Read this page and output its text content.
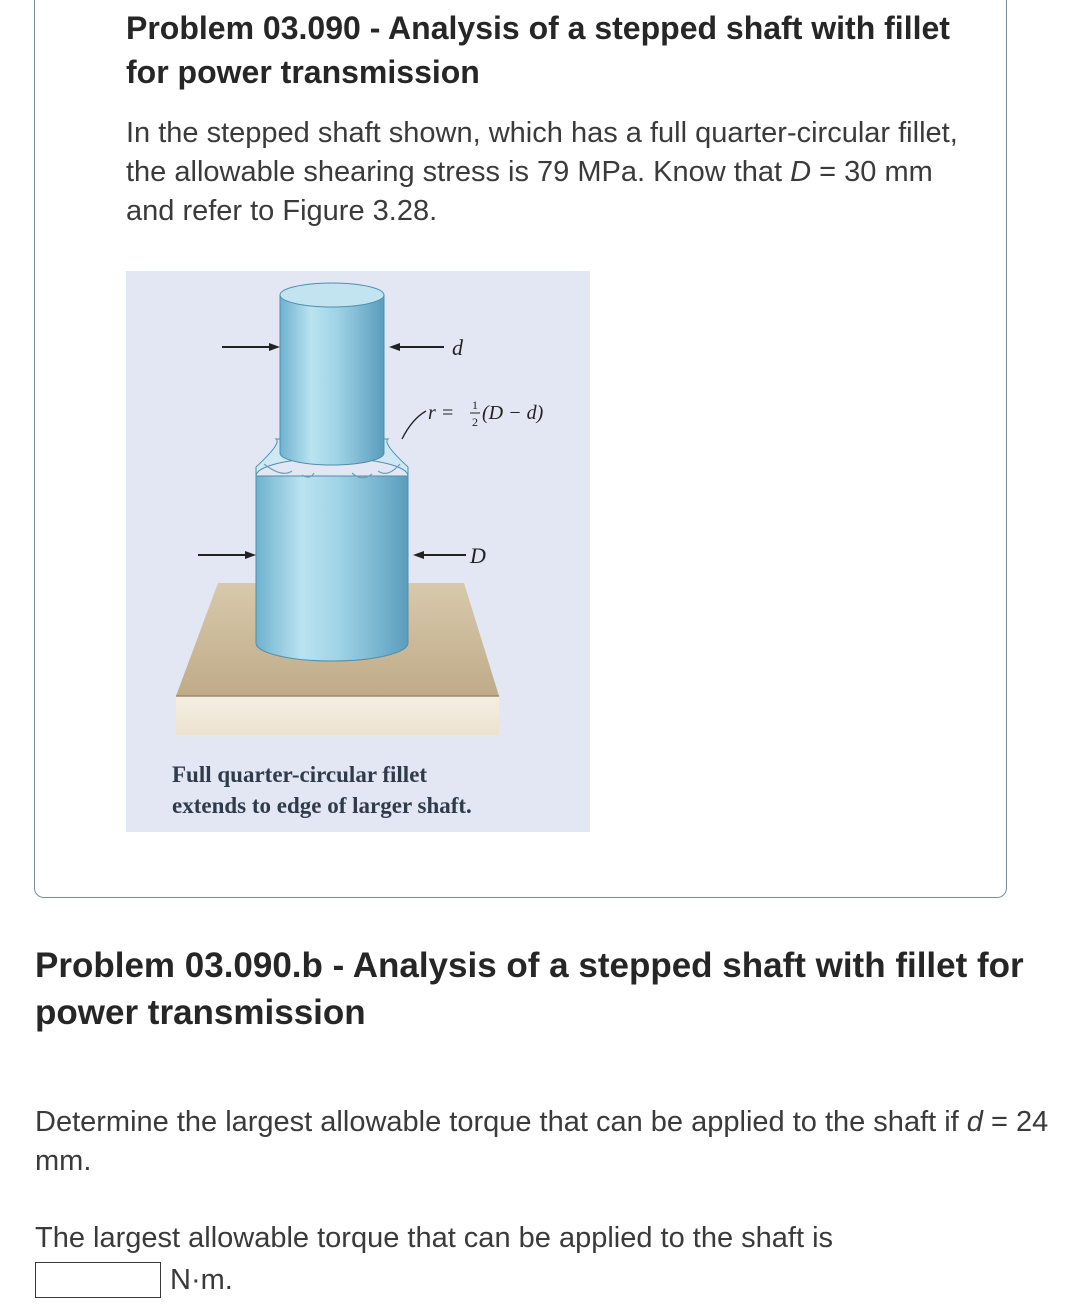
Problem 03.090 - Analysis of a stepped shaft with fillet for power transmission

In the stepped shaft shown, which has a full quarter-circular fillet, the allowable shearing stress is 79 MPa. Know that D = 30 mm and refer to Figure 3.28.

d
r = 1
2 (D − d)
D

Full quarter-circular fillet
extends to edge of larger shaft.

Problem 03.090.b - Analysis of a stepped shaft with fillet for power transmission

Determine the largest allowable torque that can be applied to the shaft if d = 24 mm.

The largest allowable torque that can be applied to the shaft is

N·m.
